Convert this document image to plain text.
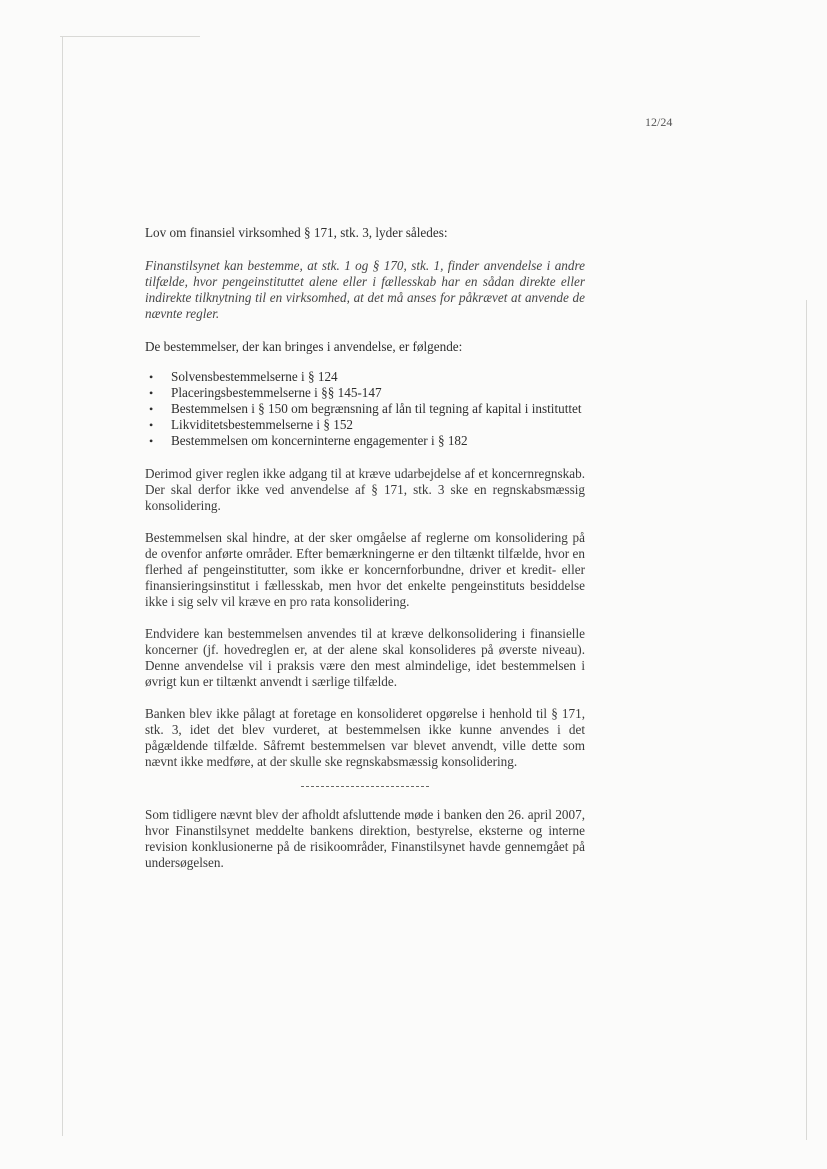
12/24

Lov om finansiel virksomhed § 171, stk. 3, lyder således:

Finanstilsynet kan bestemme, at stk. 1 og § 170, stk. 1, finder anvendelse i andre tilfælde, hvor pengeinstituttet alene eller i fællesskab har en sådan direkte eller indirekte tilknytning til en virksomhed, at det må anses for påkrævet at anvende de nævnte regler.

De bestemmelser, der kan bringes i anvendelse, er følgende:

• Solvensbestemmelserne i § 124
• Placeringsbestemmelserne i §§ 145-147
• Bestemmelsen i § 150 om begrænsning af lån til tegning af kapital i instituttet
• Likviditetsbestemmelserne i § 152
• Bestemmelsen om koncerninterne engagementer i § 182

Derimod giver reglen ikke adgang til at kræve udarbejdelse af et koncernregnskab. Der skal derfor ikke ved anvendelse af § 171, stk. 3 ske en regnskabsmæssig konsolidering.

Bestemmelsen skal hindre, at der sker omgåelse af reglerne om konsolidering på de ovenfor anførte områder. Efter bemærkningerne er den tiltænkt tilfælde, hvor en flerhed af pengeinstitutter, som ikke er koncernforbundne, driver et kredit- eller finansieringsinstitut i fællesskab, men hvor det enkelte pengeinstituts besiddelse ikke i sig selv vil kræve en pro rata konsolidering.

Endvidere kan bestemmelsen anvendes til at kræve delkonsolidering i finansielle koncerner (jf. hovedreglen er, at der alene skal konsolideres på øverste niveau). Denne anvendelse vil i praksis være den mest almindelige, idet bestemmelsen i øvrigt kun er tiltænkt anvendt i særlige tilfælde.

Banken blev ikke pålagt at foretage en konsolideret opgørelse i henhold til § 171, stk. 3, idet det blev vurderet, at bestemmelsen ikke kunne anvendes i det pågældende tilfælde. Såfremt bestemmelsen var blevet anvendt, ville dette som nævnt ikke medføre, at der skulle ske regnskabsmæssig konsolidering.

Som tidligere nævnt blev der afholdt afsluttende møde i banken den 26. april 2007, hvor Finanstilsynet meddelte bankens direktion, bestyrelse, eksterne og interne revision konklusionerne på de risikoområder, Finanstilsynet havde gennemgået på undersøgelsen.
